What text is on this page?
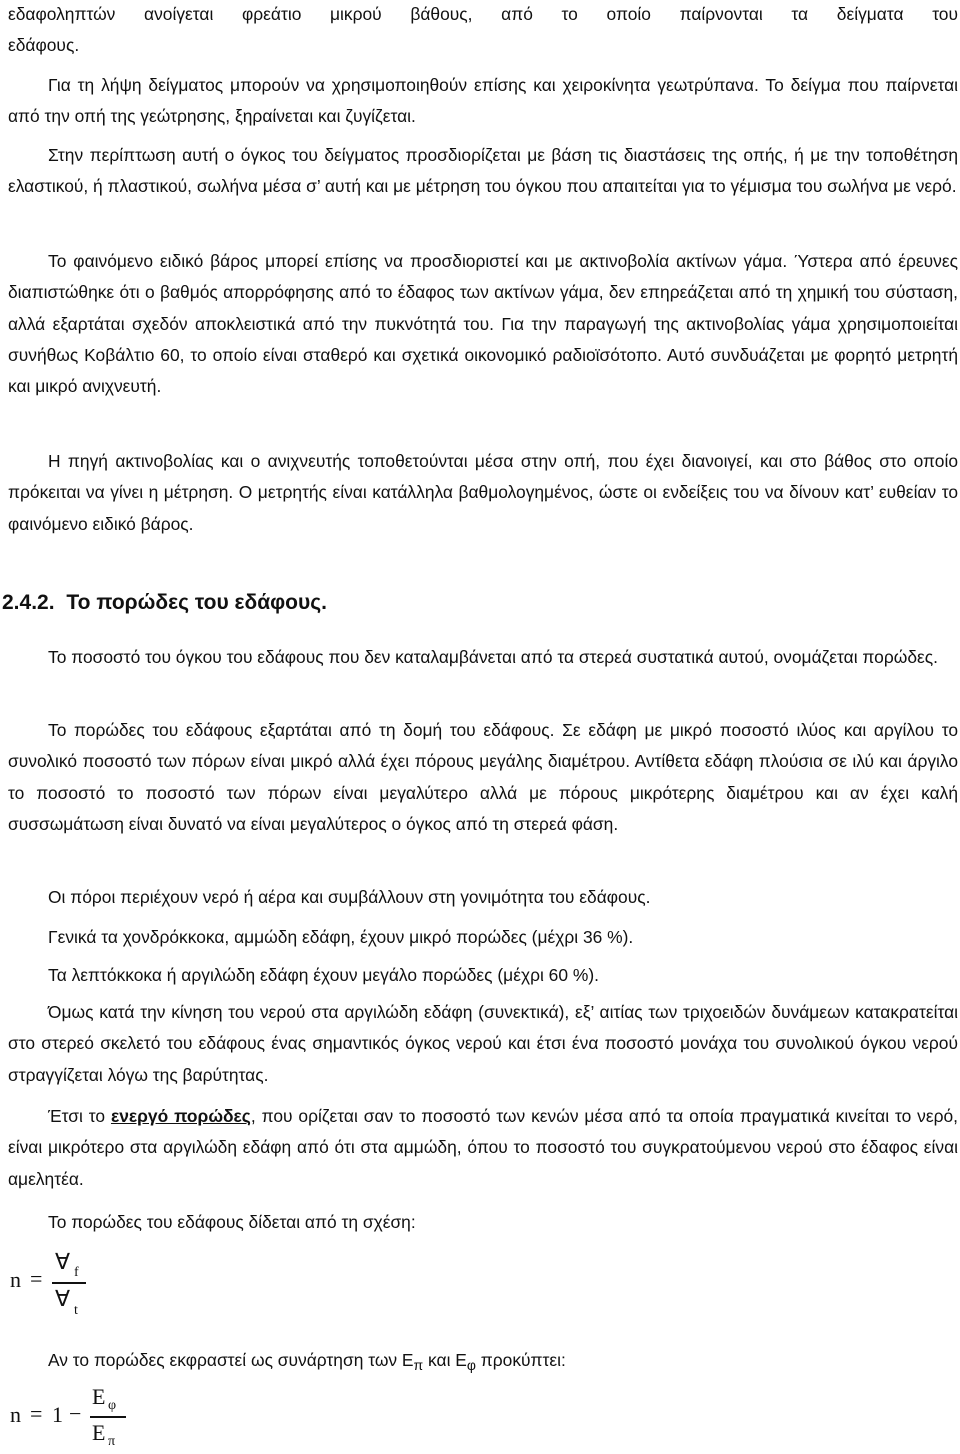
εδαφοληπτών ανοίγεται φρεάτιο μικρού βάθους, από το οποίο παίρνονται τα δείγματα του

εδάφους.

Για τη λήψη δείγματος μπορούν να χρησιμοποιηθούν επίσης και χειροκίνητα γεωτρύπανα. Το δείγμα που παίρνεται από την οπή της γεώτρησης, ξηραίνεται και ζυγίζεται.

Στην περίπτωση αυτή ο όγκος του δείγματος προσδιορίζεται με βάση τις διαστάσεις της οπής, ή με την τοποθέτηση ελαστικού, ή πλαστικού, σωλήνα μέσα σ’ αυτή και με μέτρηση του όγκου που απαιτείται για το γέμισμα του σωλήνα με νερό.

Το φαινόμενο ειδικό βάρος μπορεί επίσης να προσδιοριστεί και με ακτινοβολία ακτίνων γάμα. Ύστερα από έρευνες διαπιστώθηκε ότι ο βαθμός απορρόφησης από το έδαφος των ακτίνων γάμα, δεν επηρεάζεται από τη χημική του σύσταση, αλλά εξαρτάται σχεδόν αποκλειστικά από την πυκνότητά του. Για την παραγωγή της ακτινοβολίας γάμα χρησιμοποιείται συνήθως Κοβάλτιο 60, το οποίο είναι σταθερό και σχετικά οικονομικό ραδιοϊσότοπο. Αυτό συνδυάζεται με φορητό μετρητή και μικρό ανιχνευτή.

Η πηγή ακτινοβολίας και ο ανιχνευτής τοποθετούνται μέσα στην οπή, που έχει διανοιγεί, και στο βάθος στο οποίο πρόκειται να γίνει η μέτρηση. Ο μετρητής είναι κατάλληλα βαθμολογημένος, ώστε οι ενδείξεις του να δίνουν κατ’ ευθείαν το φαινόμενο ειδικό βάρος.

2.4.2. Το πορώδες του εδάφους.

Το ποσοστό του όγκου του εδάφους που δεν καταλαμβάνεται από τα στερεά συστατικά αυτού, ονομάζεται πορώδες.

Το πορώδες του εδάφους εξαρτάται από τη δομή του εδάφους. Σε εδάφη με μικρό ποσοστό ιλύος και αργίλου το συνολικό ποσοστό των πόρων είναι μικρό αλλά έχει πόρους μεγάλης διαμέτρου. Αντίθετα εδάφη πλούσια σε ιλύ και άργιλο το ποσοστό το ποσοστό των πόρων είναι μεγαλύτερο αλλά με πόρους μικρότερης διαμέτρου και αν έχει καλή συσσωμάτωση είναι δυνατό να είναι μεγαλύτερος ο όγκος από τη στερεά φάση.

Οι πόροι περιέχουν νερό ή αέρα και συμβάλλουν στη γονιμότητα του εδάφους.

Γενικά τα χονδρόκκοκα, αμμώδη εδάφη, έχουν μικρό πορώδες (μέχρι 36 %).

Τα λεπτόκκοκα ή αργιλώδη εδάφη έχουν μεγάλο πορώδες (μέχρι 60 %).

Όμως κατά την κίνηση του νερού στα αργιλώδη εδάφη (συνεκτικά), εξ’ αιτίας των τριχοειδών δυνάμεων κατακρατείται στο στερεό σκελετό του εδάφους ένας σημαντικός όγκος νερού και έτσι ένα ποσοστό μονάχα του συνολικού όγκου νερού στραγγίζεται λόγω της βαρύτητας.

Έτσι το ενεργό πορώδες, που ορίζεται σαν το ποσοστό των κενών μέσα από τα οποία πραγματικά κινείται το νερό, είναι μικρότερο στα αργιλώδη εδάφη από ότι στα αμμώδη, όπου το ποσοστό του συγκρατούμενου νερού στο έδαφος είναι αμελητέα.

Το πορώδες του εδάφους δίδεται από τη σχέση:

n =
∀ f
∀ t

Αν το πορώδες εκφραστεί ως συνάρτηση των $E_\pi$ και $E_\varphi$ προκύπτει:

n = 1 −
E φ
E π
